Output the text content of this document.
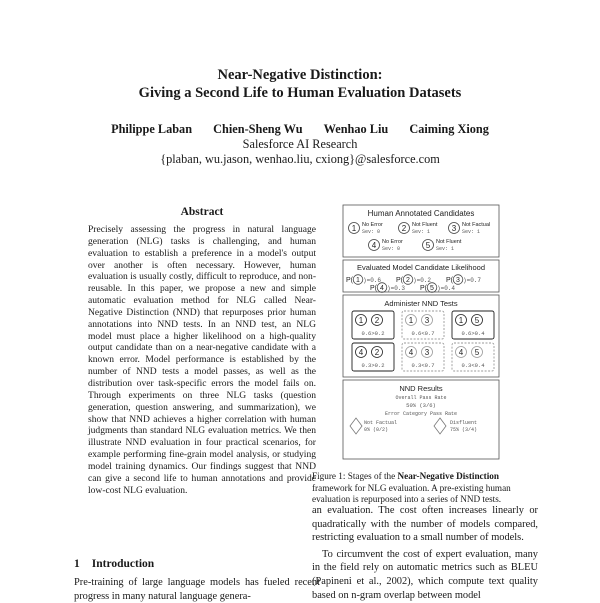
Near-Negative Distinction:
Giving a Second Life to Human Evaluation Datasets
Philippe Laban Chien-Sheng Wu Wenhao Liu Caiming Xiong
Salesforce AI Research
{plaban, wu.jason, wenhao.liu, cxiong}@salesforce.com
Abstract
Precisely assessing the progress in natural language generation (NLG) tasks is challenging, and human evaluation to establish a preference in a model's output over another is often necessary. However, human evaluation is usually costly, difficult to reproduce, and non-reusable. In this paper, we propose a new and simple automatic evaluation method for NLG called Near-Negative Distinction (NND) that repurposes prior human annotations into NND tests. In an NND test, an NLG model must place a higher likelihood on a high-quality output candidate than on a near-negative candidate with a known error. Model performance is established by the number of NND tests a model passes, as well as the distribution over task-specific errors the model fails on. Through experiments on three NLG tasks (question generation, question answering, and summarization), we show that NND achieves a higher correlation with human judgments than standard NLG evaluation metrics. We then illustrate NND evaluation in four practical scenarios, for example performing fine-grain model analysis, or studying model training dynamics. Our findings suggest that NND can give a second life to human annotations and provide low-cost NLG evaluation.
1 Introduction
Pre-training of large language models has fueled recent progress in many natural language genera-
Human Annotated Candidates
1 No Error
Sev: 0	2 Not Fluent
Sev: 1	3 Not Factual
Sev: 1
4 No Error
Sev: 0	5 Not Fluent
Sev: 1
Evaluated Model Candidate Likelihood
P( 1 )=0.6 P( 2 )=0.2 P( 3 )=0.7
P( 4 )=0.3 P( 5 )=0.4
Administer NND Tests
1 2
0.6>0.2
1 3
0.6<0.7
1 5
0.6>0.4
4 2
0.3>0.2
4 3
0.3<0.7
4 5
0.3<0.4
NND Results
Overall Pass Rate
50% (3/6)
Error Category Pass Rate
Not Factual
0% (0/2)
Disfluent
75% (3/4)
Figure 1: Stages of the Near-Negative Distinction framework for NLG evaluation. A pre-existing human evaluation is repurposed into a series of NND tests.

an evaluation. The cost often increases linearly or quadratically with the number of models compared, restricting evaluation to a small number of models.

To circumvent the cost of expert evaluation, many in the field rely on automatic metrics such as BLEU (Papineni et al., 2002), which compute text quality based on n-gram overlap between model
